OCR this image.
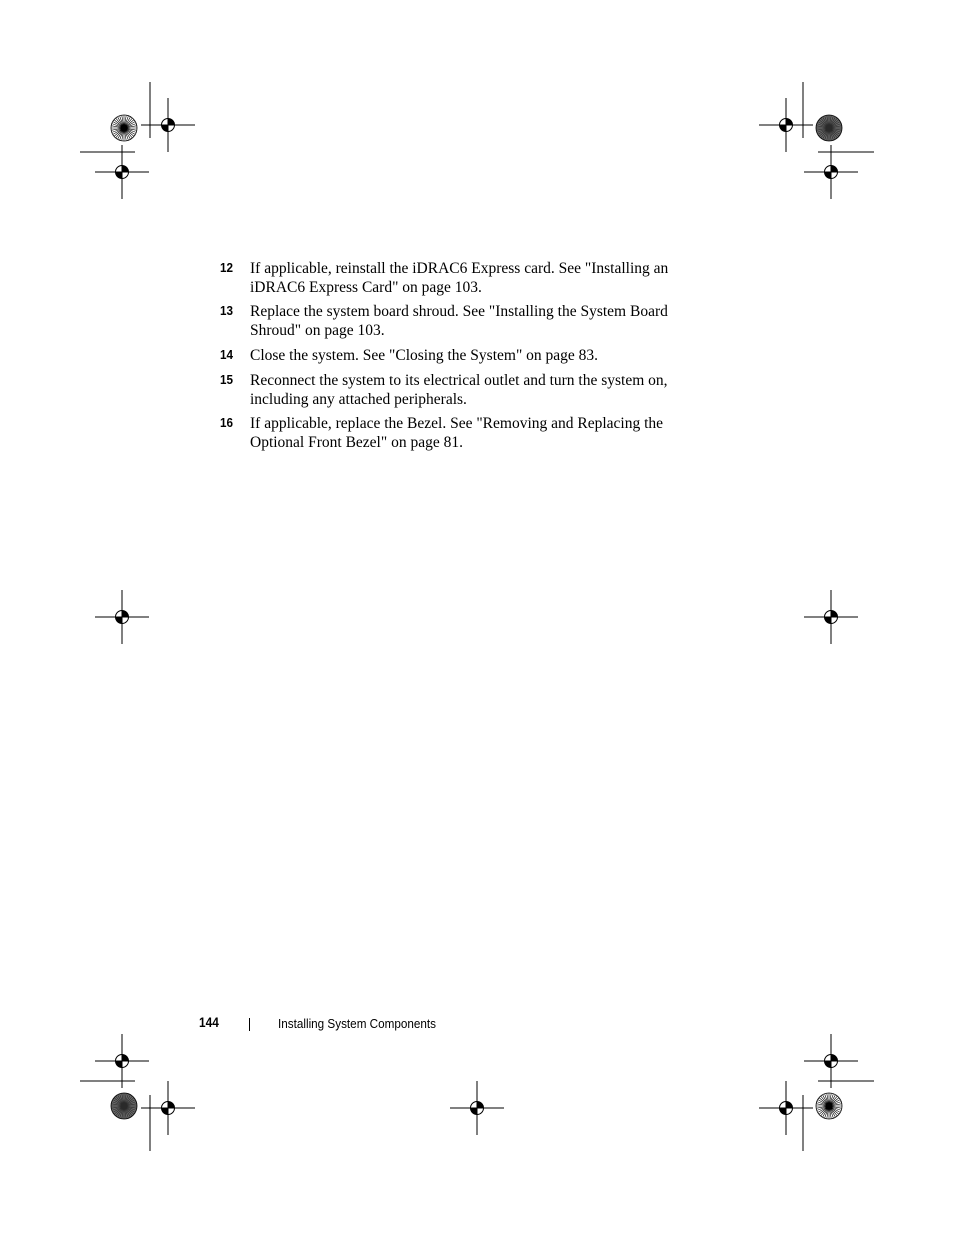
12 If applicable, reinstall the iDRAC6 Express card. See "Installing an iDRAC6 Express Card" on page 103.
13 Replace the system board shroud. See "Installing the System Board Shroud" on page 103.
14 Close the system. See "Closing the System" on page 83.
15 Reconnect the system to its electrical outlet and turn the system on, including any attached peripherals.
16 If applicable, replace the Bezel. See "Removing and Replacing the Optional Front Bezel" on page 81.
144	Installing System Components
